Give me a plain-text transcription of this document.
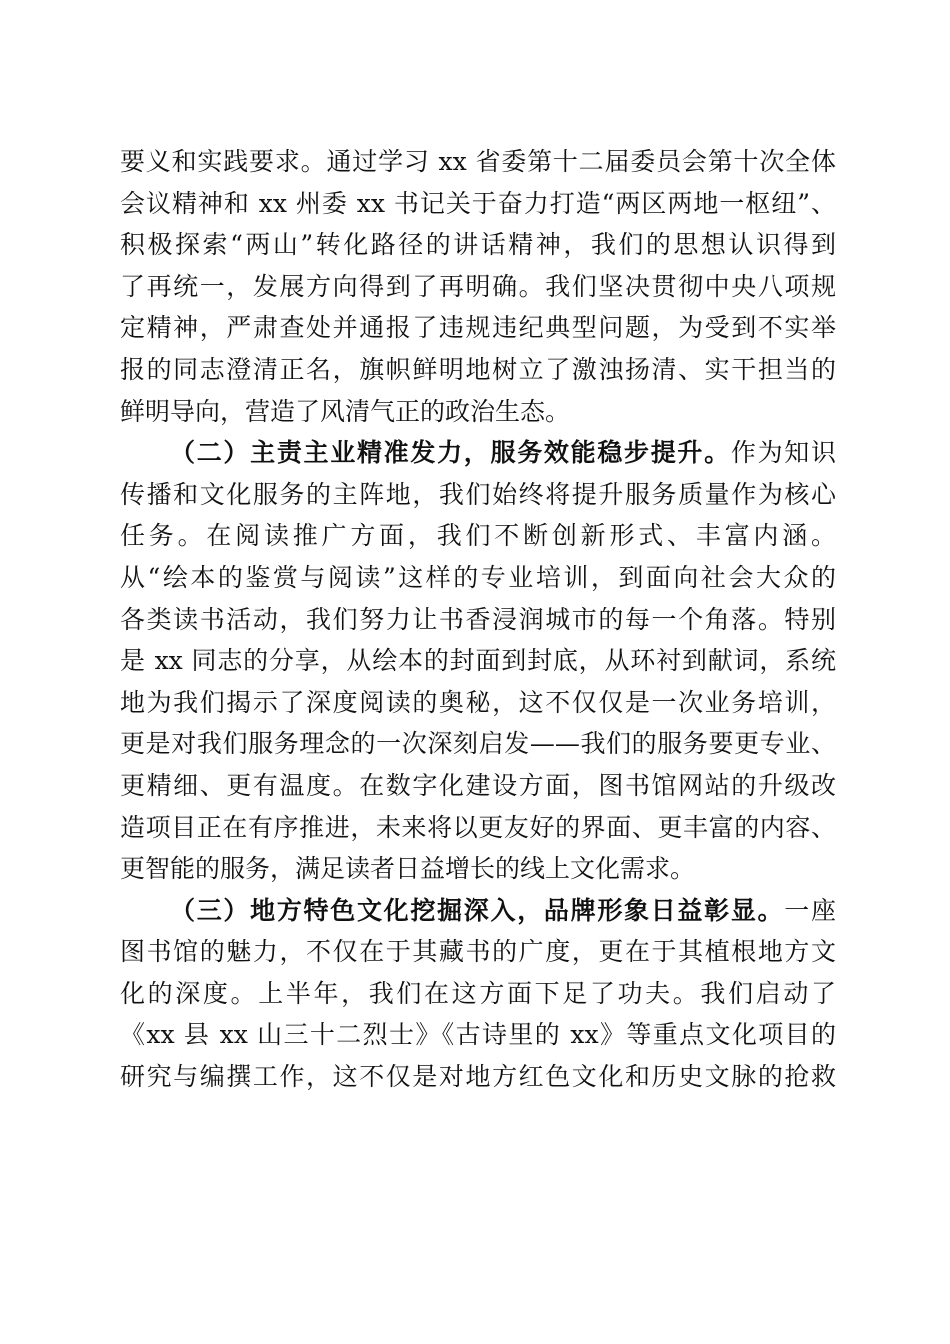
要义和实践要求。通过学习 xx 省委第十二届委员会第十次全体
会议精神和 xx 州委 xx 书记关于奋力打造“两区两地一枢纽”、
积极探索“两山”转化路径的讲话精神，我们的思想认识得到
了再统一，发展方向得到了再明确。我们坚决贯彻中央八项规
定精神，严肃查处并通报了违规违纪典型问题，为受到不实举
报的同志澄清正名，旗帜鲜明地树立了激浊扬清、实干担当的
鲜明导向，营造了风清气正的政治生态。
（二）主责主业精准发力，服务效能稳步提升。作为知识
传播和文化服务的主阵地，我们始终将提升服务质量作为核心
任务。在阅读推广方面，我们不断创新形式、丰富内涵。
从“绘本的鉴赏与阅读”这样的专业培训，到面向社会大众的
各类读书活动，我们努力让书香浸润城市的每一个角落。特别
是 xx 同志的分享，从绘本的封面到封底，从环衬到献词，系统
地为我们揭示了深度阅读的奥秘，这不仅仅是一次业务培训，
更是对我们服务理念的一次深刻启发——我们的服务要更专业、
更精细、更有温度。在数字化建设方面，图书馆网站的升级改
造项目正在有序推进，未来将以更友好的界面、更丰富的内容、
更智能的服务，满足读者日益增长的线上文化需求。
（三）地方特色文化挖掘深入，品牌形象日益彰显。一座
图书馆的魅力，不仅在于其藏书的广度，更在于其植根地方文
化的深度。上半年，我们在这方面下足了功夫。我们启动了
《xx 县 xx 山三十二烈士》《古诗里的 xx》等重点文化项目的
研究与编撰工作，这不仅是对地方红色文化和历史文脉的抢救
